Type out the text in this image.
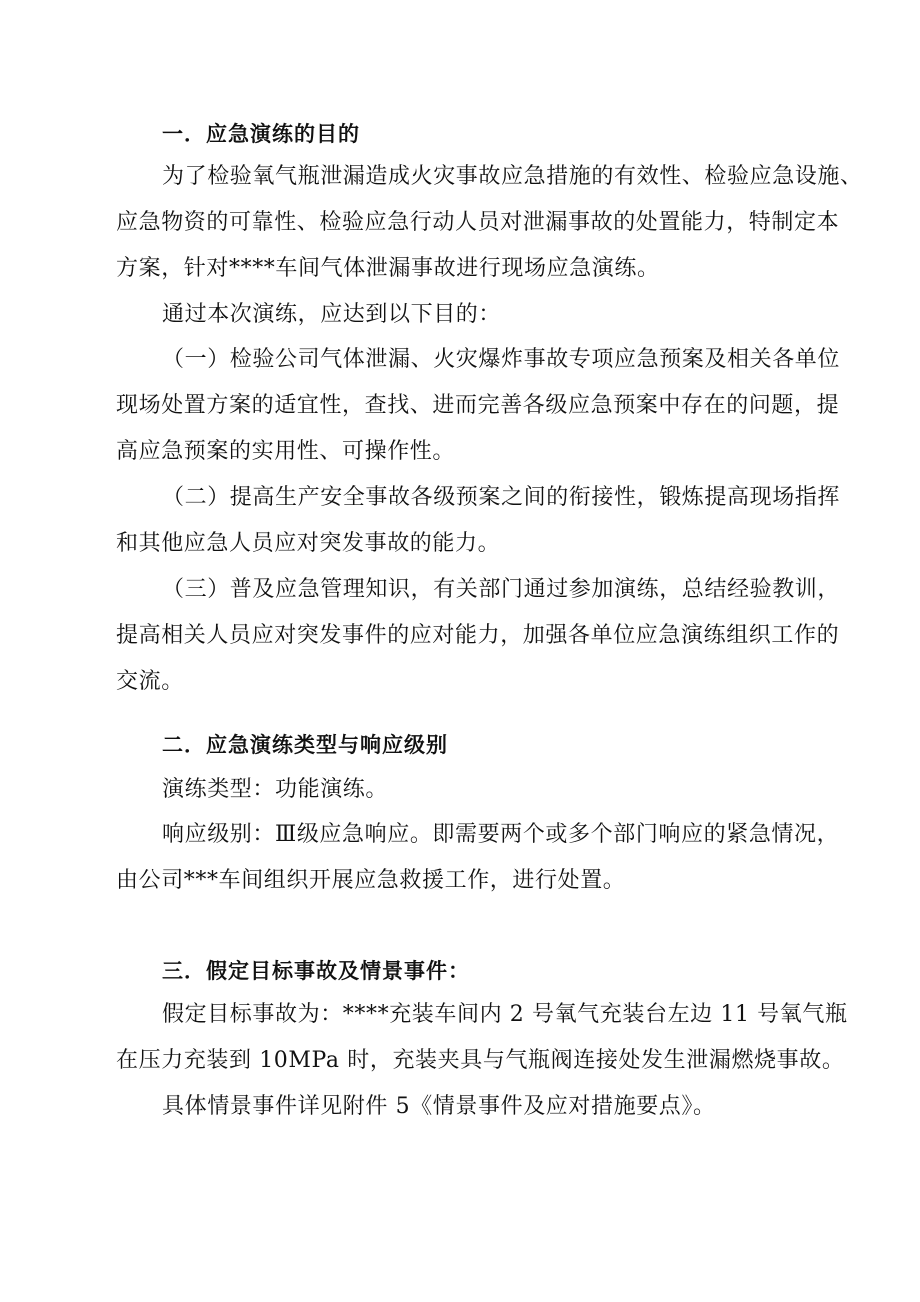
一．应急演练的目的
为了检验氧气瓶泄漏造成火灾事故应急措施的有效性、检验应急设施、
应急物资的可靠性、检验应急行动人员对泄漏事故的处置能力，特制定本
方案，针对****车间气体泄漏事故进行现场应急演练。
通过本次演练，应达到以下目的：
（一）检验公司气体泄漏、火灾爆炸事故专项应急预案及相关各单位
现场处置方案的适宜性，查找、进而完善各级应急预案中存在的问题，提
高应急预案的实用性、可操作性。
（二）提高生产安全事故各级预案之间的衔接性，锻炼提高现场指挥
和其他应急人员应对突发事故的能力。
（三）普及应急管理知识，有关部门通过参加演练，总结经验教训，
提高相关人员应对突发事件的应对能力，加强各单位应急演练组织工作的
交流。
二．应急演练类型与响应级别
演练类型：功能演练。
响应级别：Ⅲ级应急响应。即需要两个或多个部门响应的紧急情况，
由公司***车间组织开展应急救援工作，进行处置。
三．假定目标事故及情景事件：
假定目标事故为：****充装车间内 2 号氧气充装台左边 11 号氧气瓶
在压力充装到 10MPa 时，充装夹具与气瓶阀连接处发生泄漏燃烧事故。
具体情景事件详见附件 5《情景事件及应对措施要点》。
